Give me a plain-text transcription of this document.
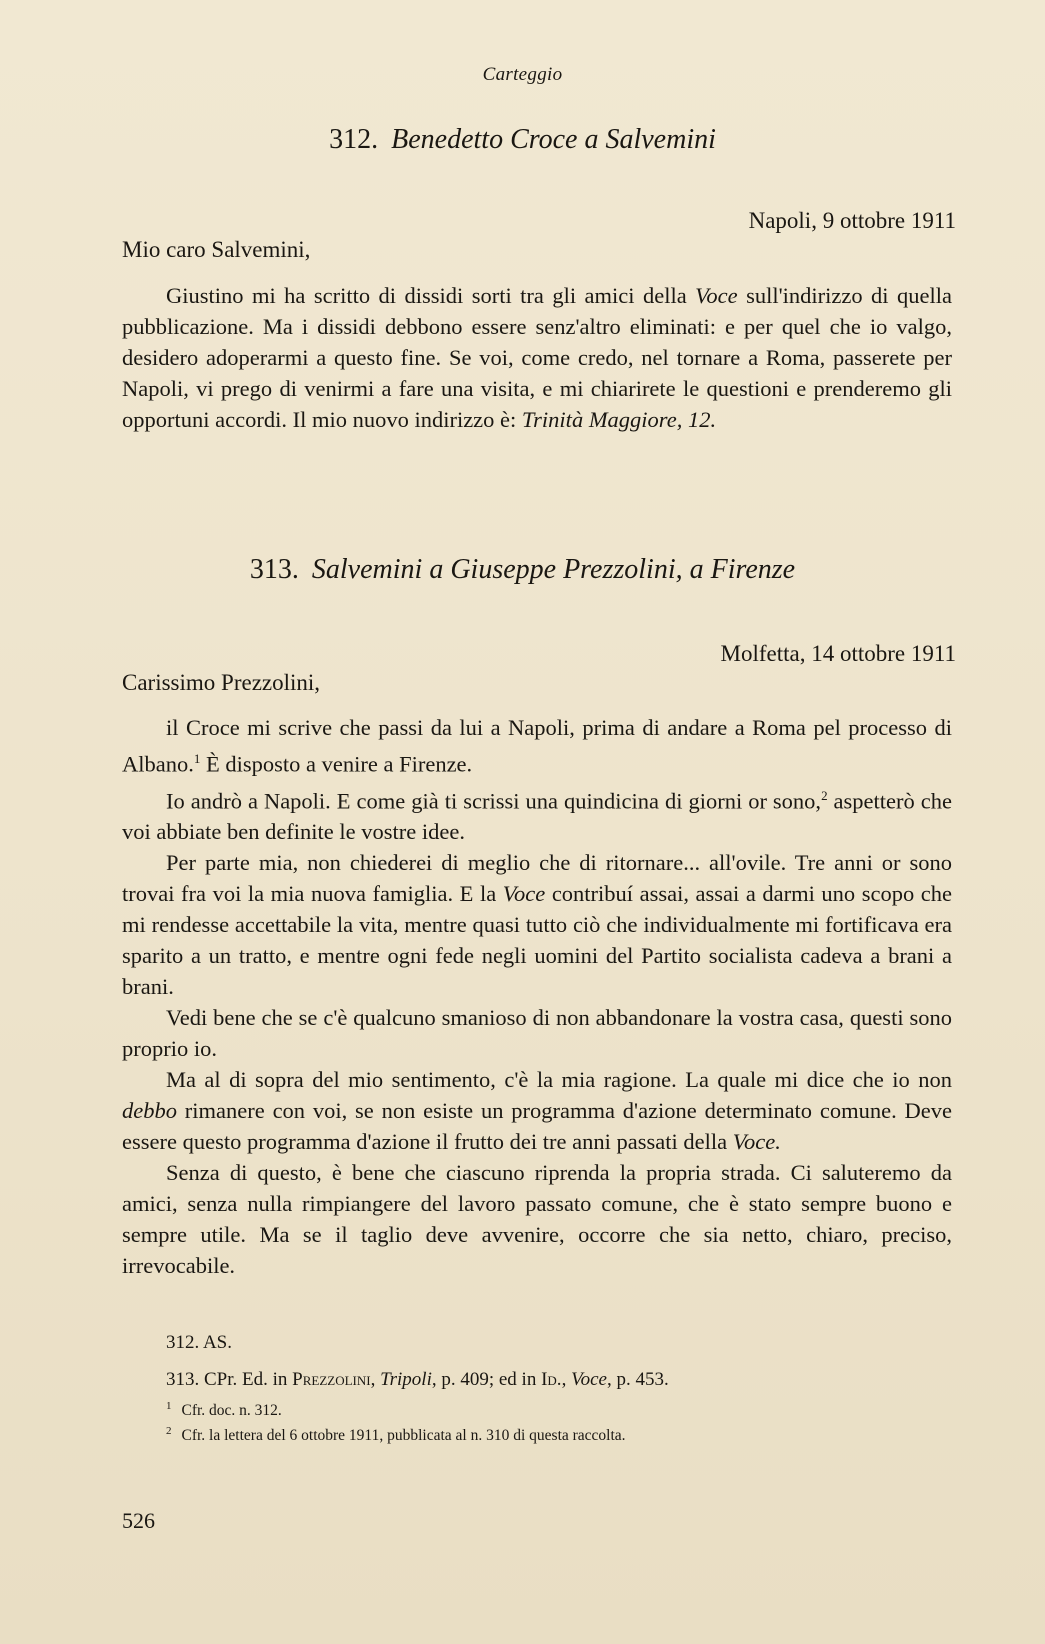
Carteggio
312. Benedetto Croce a Salvemini
Napoli, 9 ottobre 1911
Mio caro Salvemini,

Giustino mi ha scritto di dissidi sorti tra gli amici della Voce sull'indirizzo di quella pubblicazione. Ma i dissidi debbono essere senz'altro eliminati: e per quel che io valgo, desidero adoperarmi a questo fine. Se voi, come credo, nel tornare a Roma, passerete per Napoli, vi prego di venirmi a fare una visita, e mi chiarirete le questioni e prenderemo gli opportuni accordi. Il mio nuovo indirizzo è: Trinità Maggiore, 12.

313. Salvemini a Giuseppe Prezzolini, a Firenze
Molfetta, 14 ottobre 1911
Carissimo Prezzolini,

il Croce mi scrive che passi da lui a Napoli, prima di andare a Roma pel processo di Albano.$^1$ È disposto a venire a Firenze.

Io andrò a Napoli. E come già ti scrissi una quindicina di giorni or sono,$^2$ aspetterò che voi abbiate ben definite le vostre idee.

Per parte mia, non chiederei di meglio che di ritornare... all'ovile. Tre anni or sono trovai fra voi la mia nuova famiglia. E la Voce contribuí assai, assai a darmi uno scopo che mi rendesse accettabile la vita, mentre quasi tutto ciò che individualmente mi fortificava era sparito a un tratto, e mentre ogni fede negli uomini del Partito socialista cadeva a brani a brani.

Vedi bene che se c'è qualcuno smanioso di non abbandonare la vostra casa, questi sono proprio io.

Ma al di sopra del mio sentimento, c'è la mia ragione. La quale mi dice che io non debbo rimanere con voi, se non esiste un programma d'azione determinato comune. Deve essere questo programma d'azione il frutto dei tre anni passati della Voce.

Senza di questo, è bene che ciascuno riprenda la propria strada. Ci saluteremo da amici, senza nulla rimpiangere del lavoro passato comune, che è stato sempre buono e sempre utile. Ma se il taglio deve avvenire, occorre che sia netto, chiaro, preciso, irrevocabile.

312. AS.
313. CPr. Ed. in Prezzolini, Tripoli, p. 409; ed in Id., Voce, p. 453.
$^1$ Cfr. doc. n. 312.
$^2$ Cfr. la lettera del 6 ottobre 1911, pubblicata al n. 310 di questa raccolta.
526
